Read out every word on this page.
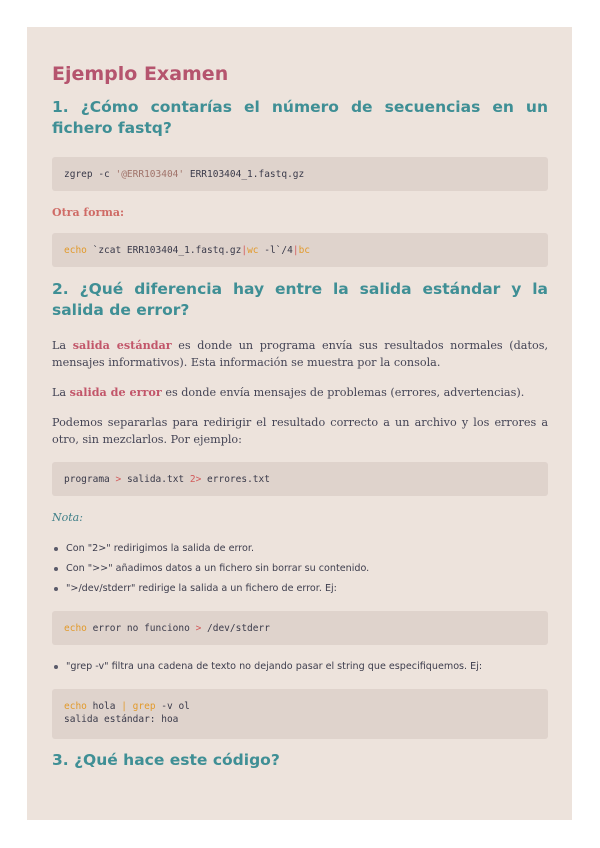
Ejemplo Examen
1. ¿Cómo contarías el número de secuencias en un fichero fastq?
zgrep -c '@ERR103404' ERR103404_1.fastq.gz
Otra forma:
echo `zcat ERR103404_1.fastq.gz|wc -l`/4|bc
2. ¿Qué diferencia hay entre la salida estándar y la salida de error?

La salida estándar es donde un programa envía sus resultados normales (datos, mensajes informativos). Esta información se muestra por la consola.

La salida de error es donde envía mensajes de problemas (errores, advertencias).

Podemos separarlas para redirigir el resultado correcto a un archivo y los errores a otro, sin mezclarlos. Por ejemplo:

programa > salida.txt 2> errores.txt
Nota:
Con "2>" redirigimos la salida de error.
Con ">>" añadimos datos a un fichero sin borrar su contenido.
">/dev/stderr" redirige la salida a un fichero de error. Ej:
echo error no funciono > /dev/stderr
"grep -v" filtra una cadena de texto no dejando pasar el string que especifiquemos. Ej:
echo hola | grep -v ol
salida estándar: hoa
3. ¿Qué hace este código?
